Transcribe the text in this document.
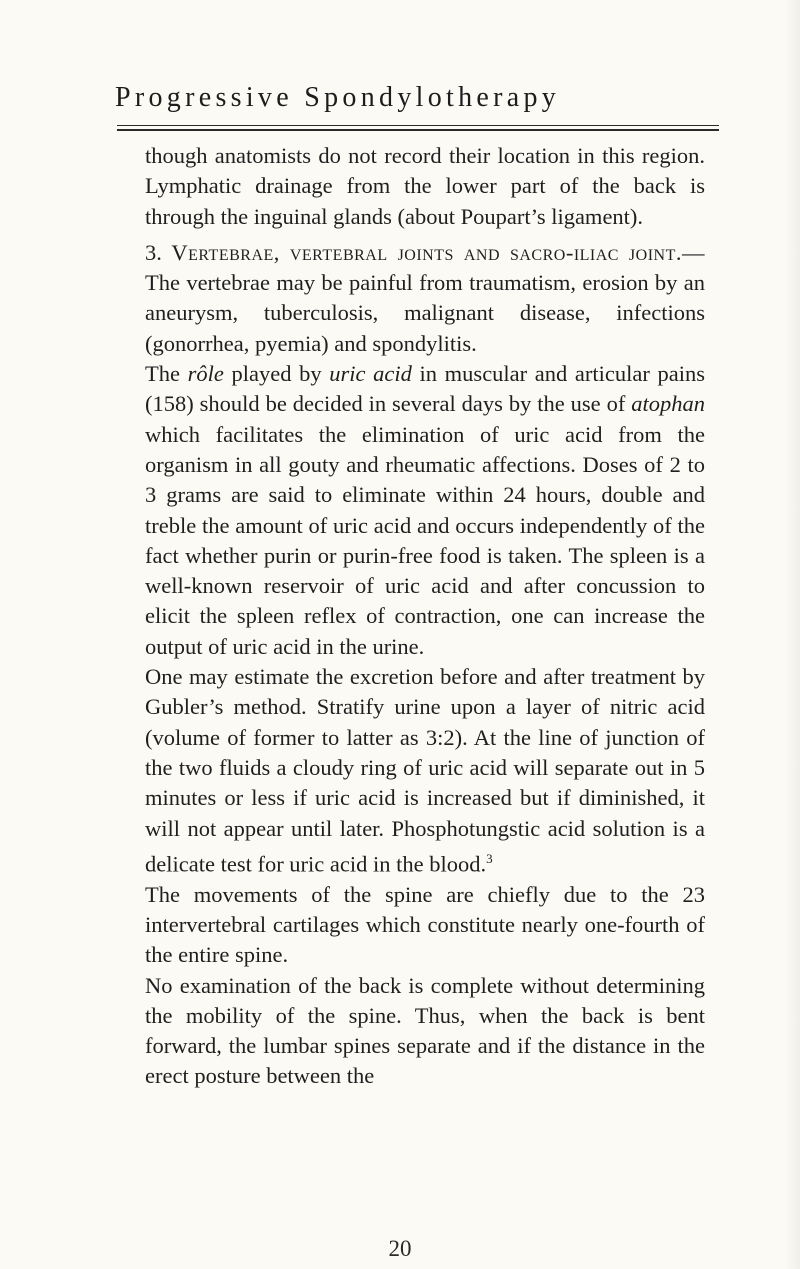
Progressive Spondylotherapy

though anatomists do not record their location in this region. Lymphatic drainage from the lower part of the back is through the inguinal glands (about Poupart’s ligament).

3. Vertebrae, vertebral joints and sacro-iliac joint.—The vertebrae may be painful from traumatism, erosion by an aneurysm, tuberculosis, malignant disease, infections (gonorrhea, pyemia) and spondylitis.

The rôle played by uric acid in muscular and articular pains (158) should be decided in several days by the use of atophan which facilitates the elimination of uric acid from the organism in all gouty and rheumatic affections. Doses of 2 to 3 grams are said to eliminate within 24 hours, double and treble the amount of uric acid and occurs independently of the fact whether purin or purin-free food is taken. The spleen is a well-known reservoir of uric acid and after concussion to elicit the spleen reflex of contraction, one can increase the output of uric acid in the urine.

One may estimate the excretion before and after treatment by Gubler’s method. Stratify urine upon a layer of nitric acid (volume of former to latter as 3:2). At the line of junction of the two fluids a cloudy ring of uric acid will separate out in 5 minutes or less if uric acid is increased but if diminished, it will not appear until later. Phosphotungstic acid solution is a delicate test for uric acid in the blood.$^3$

The movements of the spine are chiefly due to the 23 intervertebral cartilages which constitute nearly one-fourth of the entire spine.

No examination of the back is complete without determining the mobility of the spine. Thus, when the back is bent forward, the lumbar spines separate and if the distance in the erect posture between the

20
